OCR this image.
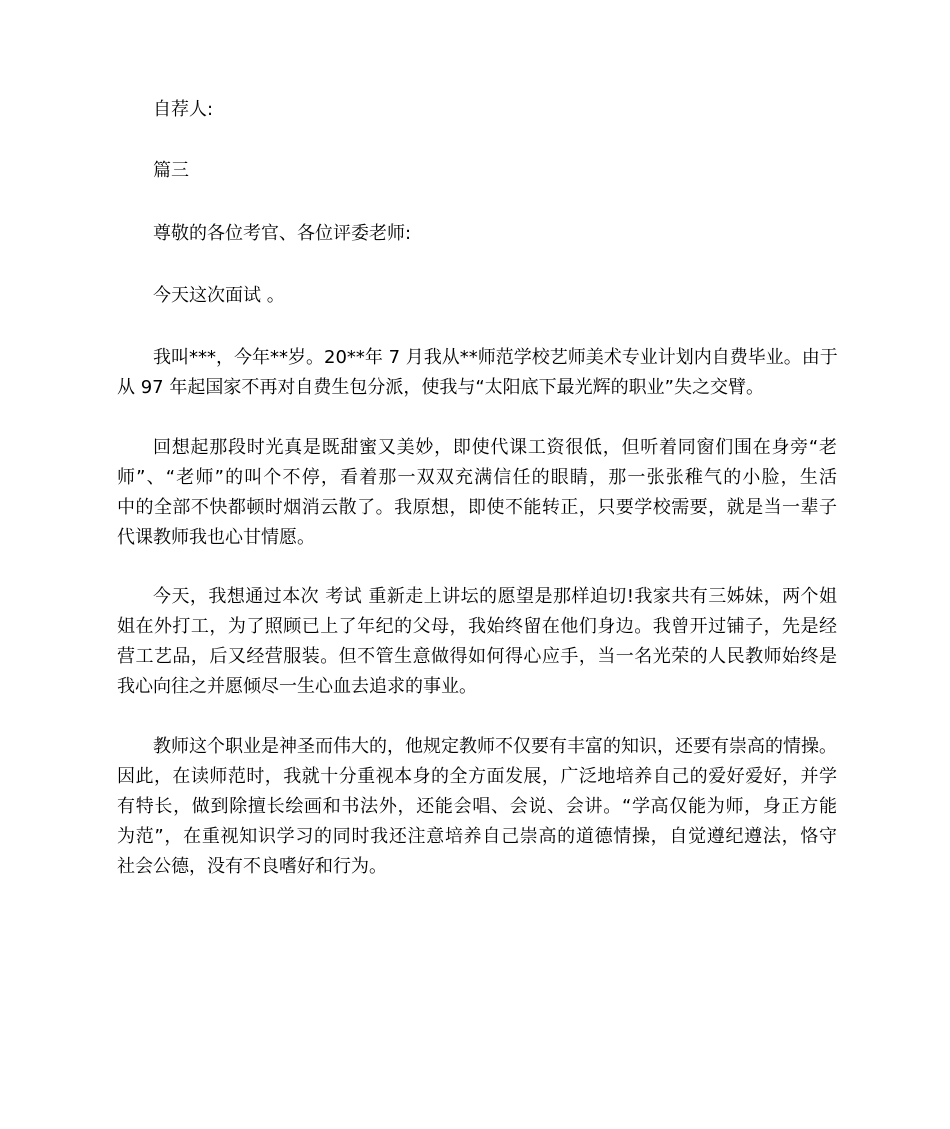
自荐人:
篇三
尊敬的各位考官、各位评委老师:
今天这次面试 。
我叫***，今年**岁。20**年 7 月我从**师范学校艺师美术专业计划内自费毕业。由于
从 97 年起国家不再对自费生包分派，使我与“太阳底下最光辉的职业”失之交臂。
回想起那段时光真是既甜蜜又美妙，即使代课工资很低，但听着同窗们围在身旁“老
师”、“老师”的叫个不停，看着那一双双充满信任的眼睛，那一张张稚气的小脸，生活
中的全部不快都顿时烟消云散了。我原想，即使不能转正，只要学校需要，就是当一辈子
代课教师我也心甘情愿。
今天，我想通过本次 考试 重新走上讲坛的愿望是那样迫切!我家共有三姊妹，两个姐
姐在外打工，为了照顾已上了年纪的父母，我始终留在他们身边。我曾开过铺子，先是经
营工艺品，后又经营服装。但不管生意做得如何得心应手，当一名光荣的人民教师始终是
我心向往之并愿倾尽一生心血去追求的事业。
教师这个职业是神圣而伟大的，他规定教师不仅要有丰富的知识，还要有崇高的情操。
因此，在读师范时，我就十分重视本身的全方面发展，广泛地培养自己的爱好爱好，并学
有特长，做到除擅长绘画和书法外，还能会唱、会说、会讲。“学高仅能为师，身正方能
为范”，在重视知识学习的同时我还注意培养自己崇高的道德情操，自觉遵纪遵法，恪守
社会公德，没有不良嗜好和行为。
